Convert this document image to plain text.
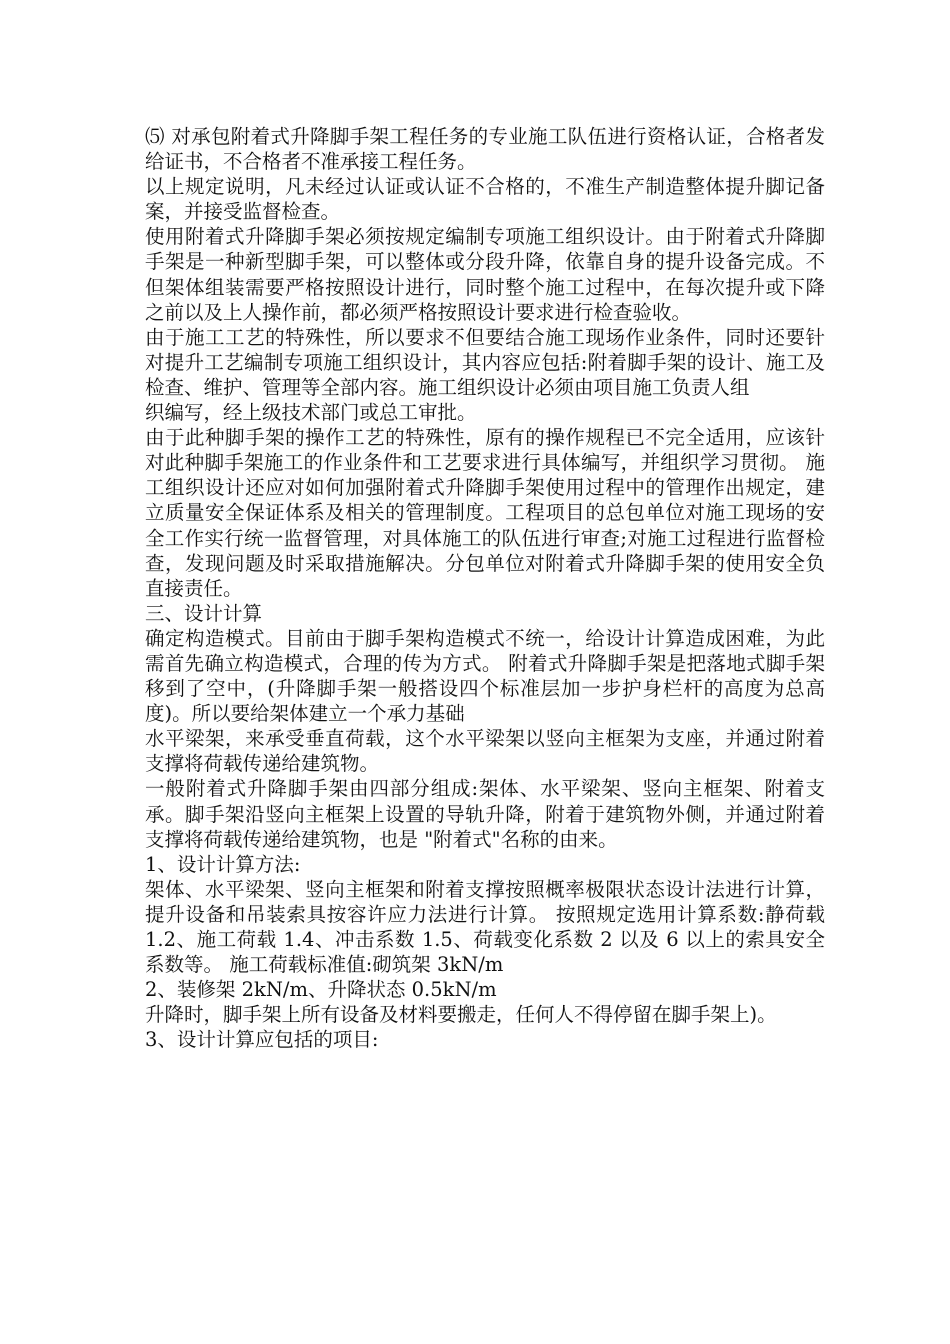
⑸ 对承包附着式升降脚手架工程任务的专业施工队伍进行资格认证，合格者发给证书，不合格者不准承接工程任务。

以上规定说明，凡未经过认证或认证不合格的，不准生产制造整体提升脚记备案，并接受监督检查。

使用附着式升降脚手架必须按规定编制专项施工组织设计。由于附着式升降脚手架是一种新型脚手架，可以整体或分段升降，依靠自身的提升设备完成。不但架体组装需要严格按照设计进行，同时整个施工过程中，在每次提升或下降之前以及上人操作前，都必须严格按照设计要求进行检查验收。

由于施工工艺的特殊性，所以要求不但要结合施工现场作业条件，同时还要针对提升工艺编制专项施工组织设计，其内容应包括:附着脚手架的设计、施工及检查、维护、管理等全部内容。施工组织设计必须由项目施工负责人组

织编写，经上级技术部门或总工审批。

由于此种脚手架的操作工艺的特殊性，原有的操作规程已不完全适用，应该针对此种脚手架施工的作业条件和工艺要求进行具体编写，并组织学习贯彻。 施工组织设计还应对如何加强附着式升降脚手架使用过程中的管理作出规定，建立质量安全保证体系及相关的管理制度。工程项目的总包单位对施工现场的安全工作实行统一监督管理，对具体施工的队伍进行审查;对施工过程进行监督检查，发现问题及时采取措施解决。分包单位对附着式升降脚手架的使用安全负直接责任。

三、设计计算

确定构造模式。目前由于脚手架构造模式不统一，给设计计算造成困难，为此需首先确立构造模式，合理的传为方式。 附着式升降脚手架是把落地式脚手架移到了空中，(升降脚手架一般搭设四个标准层加一步护身栏杆的高度为总高度)。所以要给架体建立一个承力基础

水平梁架，来承受垂直荷载，这个水平梁架以竖向主框架为支座，并通过附着支撑将荷载传递给建筑物。

一般附着式升降脚手架由四部分组成:架体、水平梁架、竖向主框架、附着支承。脚手架沿竖向主框架上设置的导轨升降，附着于建筑物外侧，并通过附着支撑将荷载传递给建筑物，也是 "附着式"名称的由来。

1、设计计算方法:

架体、水平梁架、竖向主框架和附着支撑按照概率极限状态设计法进行计算，提升设备和吊装索具按容许应力法进行计算。 按照规定选用计算系数:静荷载 1.2、施工荷载 1.4、冲击系数 1.5、荷载变化系数 2 以及 6 以上的索具安全系数等。 施工荷载标准值:砌筑架 3kN/m

2、装修架 2kN/m、升降状态 0.5kN/m

升降时，脚手架上所有设备及材料要搬走，任何人不得停留在脚手架上)。

3、设计计算应包括的项目:
